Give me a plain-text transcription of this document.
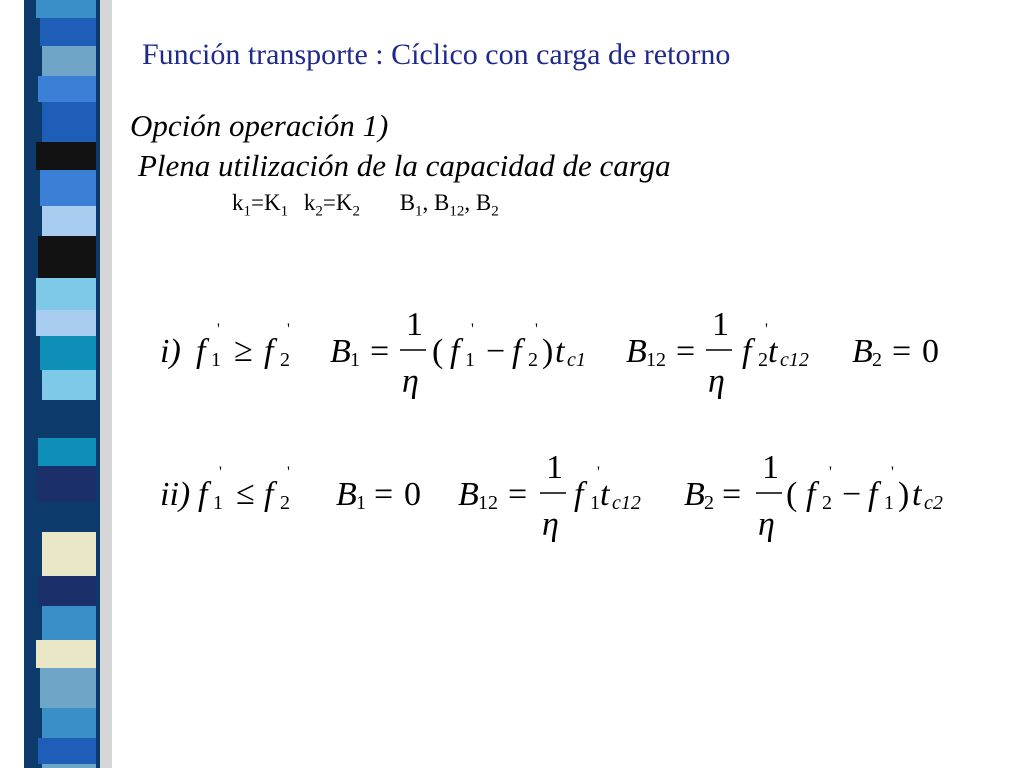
Función transporte : Cíclico con carga de retorno
Opción operación 1)
Plena utilización de la capacidad de carga
$k_1=K_1$ $k_2=K_2$ $B_1$, $B_{12}$, $B_2$
i) f 1
'
≥ f 2
'
B 1 =
1
η
( f 1
'
− f 2
'
) t c1 B 12 =
1
η
f 2
'
t c12 B 2 = 0
ii) f 1
'
≤ f 2
'
B 1 = 0 B 12 =
1
η
f 1
'
t c12 B 2 =
1
η
( f 2
'
− f 1
'
) t c2
